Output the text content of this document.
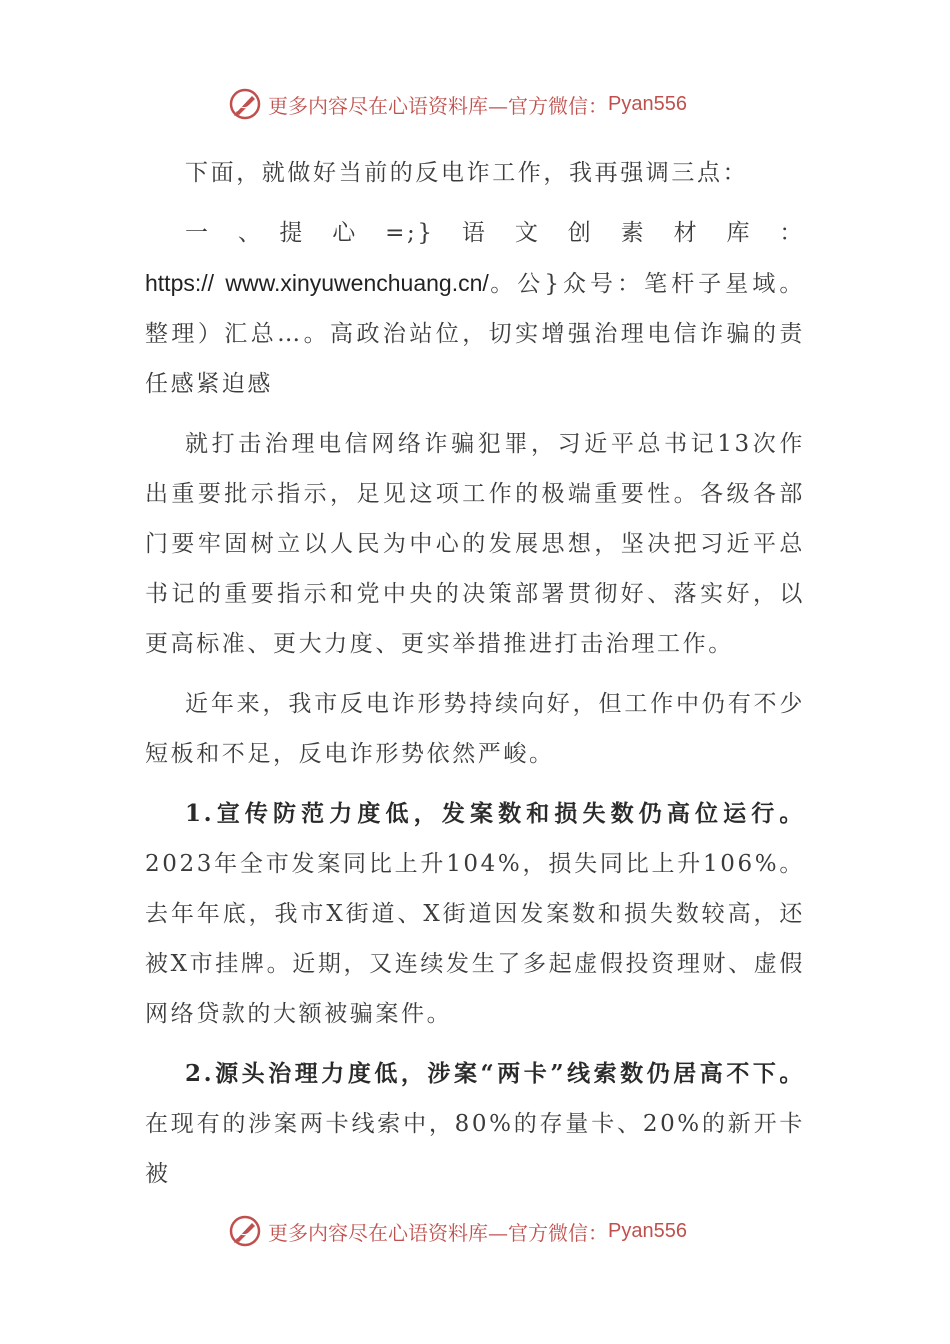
更多内容尽在心语资料库—官方微信： Pyan556

下面，就做好当前的反电诈工作，我再强调三点：

一　、　提　心　=;}　语　文　创　素　材　库　： https:// www.xinyuwenchuang.cn/。公}众号：笔杆子星域。整理）汇总…。高政治站位，切实增强治理电信诈骗的责任感紧迫感

就打击治理电信网络诈骗犯罪，习近平总书记13次作出重要批示指示，足见这项工作的极端重要性。各级各部门要牢固树立以人民为中心的发展思想，坚决把习近平总书记的重要指示和党中央的决策部署贯彻好、落实好，以更高标准、更大力度、更实举措推进打击治理工作。

近年来，我市反电诈形势持续向好，但工作中仍有不少短板和不足，反电诈形势依然严峻。

1.宣传防范力度低，发案数和损失数仍高位运行。2023年全市发案同比上升104%，损失同比上升106%。去年年底，我市X街道、X街道因发案数和损失数较高，还被X市挂牌。近期，又连续发生了多起虚假投资理财、虚假网络贷款的大额被骗案件。

2.源头治理力度低，涉案“两卡”线索数仍居高不下。在现有的涉案两卡线索中，80%的存量卡、20%的新开卡被

更多内容尽在心语资料库—官方微信： Pyan556
